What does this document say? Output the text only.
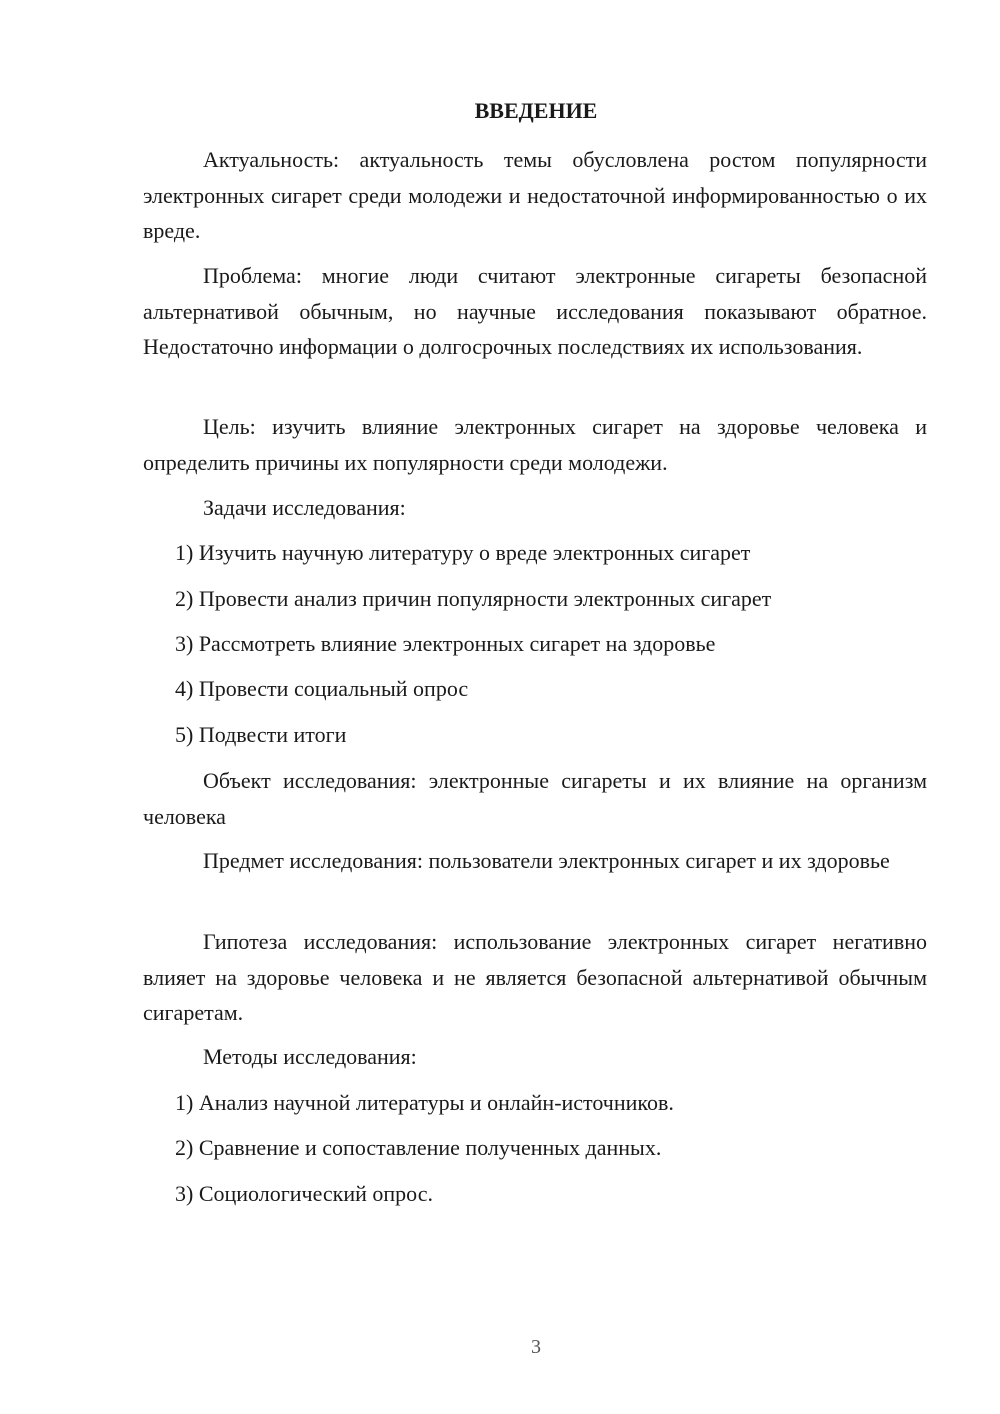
ВВЕДЕНИЕ

Актуальность: актуальность темы обусловлена ростом популярности электронных сигарет среди молодежи и недостаточной информированностью о их вреде.

Проблема: многие люди считают электронные сигареты безопасной альтернативой обычным, но научные исследования показывают обратное. Недостаточно информации о долгосрочных последствиях их использования.

Цель: изучить влияние электронных сигарет на здоровье человека и определить причины их популярности среди молодежи.

Задачи исследования:

1) Изучить научную литературу о вреде электронных сигарет

2) Провести анализ причин популярности электронных сигарет

3) Рассмотреть влияние электронных сигарет на здоровье

4) Провести социальный опрос

5) Подвести итоги

Объект исследования: электронные сигареты и их влияние на организм человека

Предмет исследования: пользователи электронных сигарет и их здоровье

Гипотеза исследования: использование электронных сигарет негативно влияет на здоровье человека и не является безопасной альтернативой обычным сигаретам.

Методы исследования:

1) Анализ научной литературы и онлайн-источников.

2) Сравнение и сопоставление полученных данных.

3) Социологический опрос.

3
